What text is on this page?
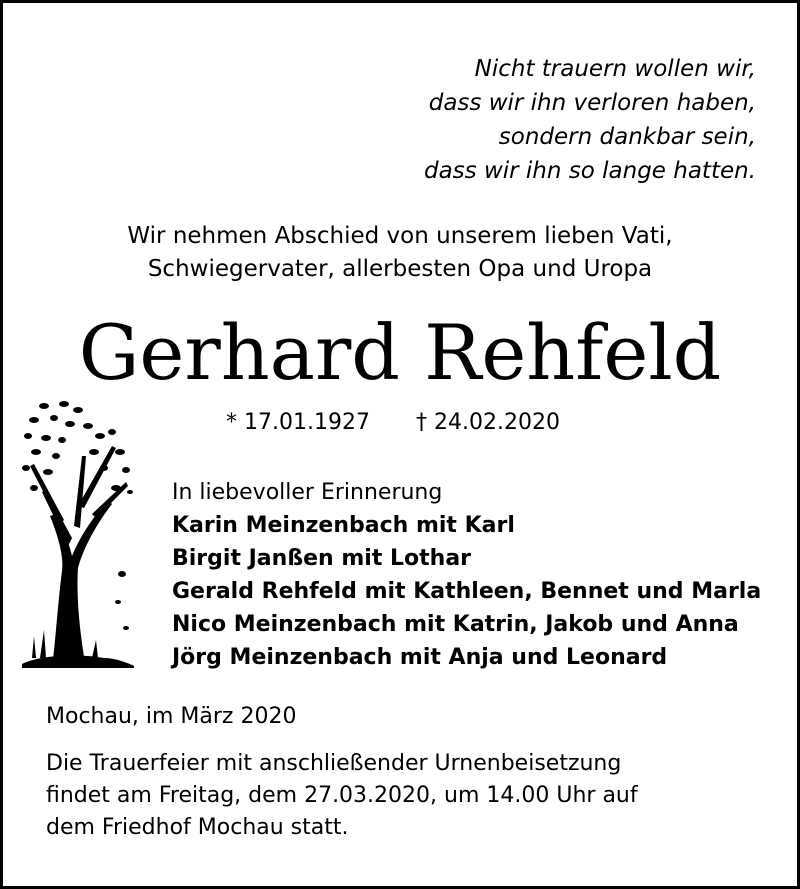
Nicht trauern wollen wir,
dass wir ihn verloren haben,
sondern dankbar sein,
dass wir ihn so lange hatten.
Wir nehmen Abschied von unserem lieben Vati,
Schwiegervater, allerbesten Opa und Uropa
Gerhard Rehfeld
* 17.01.1927 † 24.02.2020
In liebevoller Erinnerung
Karin Meinzenbach mit Karl
Birgit Janßen mit Lothar
Gerald Rehfeld mit Kathleen, Bennet und Marla
Nico Meinzenbach mit Katrin, Jakob und Anna
Jörg Meinzenbach mit Anja und Leonard
Mochau, im März 2020
Die Trauerfeier mit anschließender Urnenbeisetzung
findet am Freitag, dem 27.03.2020, um 14.00 Uhr auf
dem Friedhof Mochau statt.
